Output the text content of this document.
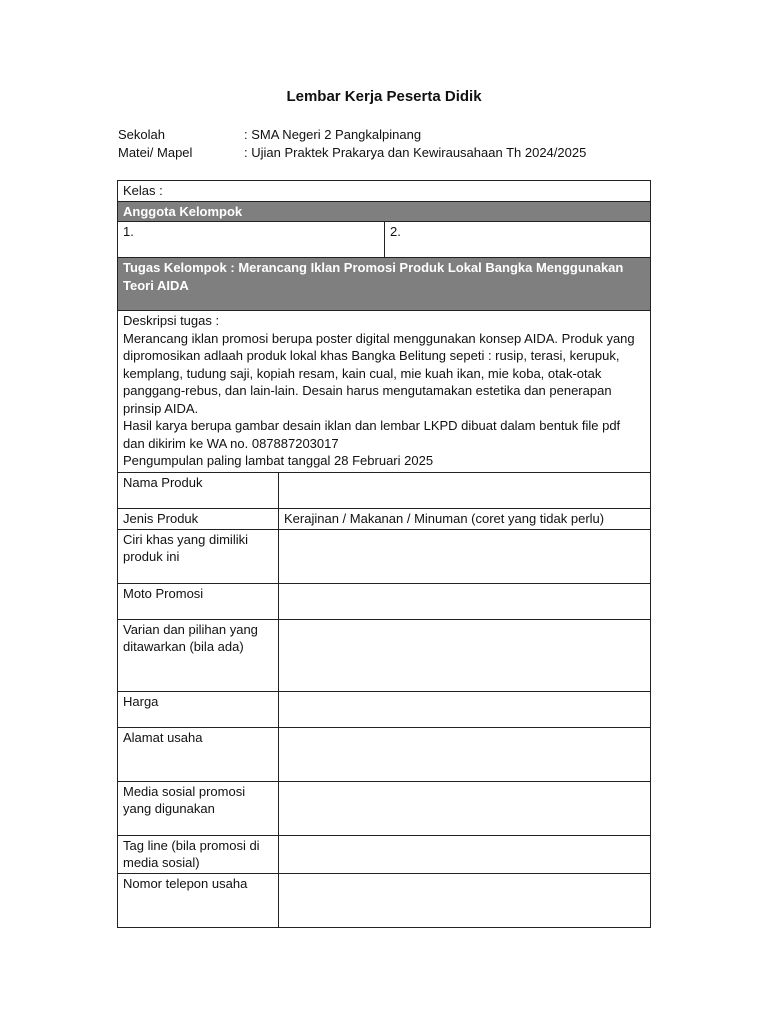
Lembar Kerja Peserta Didik
Sekolah	: SMA Negeri 2 Pangkalpinang
Matei/ Mapel	: Ujian Praktek Prakarya dan Kewirausahaan Th 2024/2025
Kelas :		
Anggota Kelompok		
1.		2.
Tugas Kelompok : Merancang Iklan Promosi Produk Lokal Bangka Menggunakan Teori AIDA		

Deskripsi tugas :
Merancang iklan promosi berupa poster digital menggunakan konsep AIDA. Produk yang dipromosikan adlaah produk lokal khas Bangka Belitung sepeti : rusip, terasi, kerupuk, kemplang, tudung saji, kopiah resam, kain cual, mie kuah ikan, mie koba, otak-otak panggang-rebus, dan lain-lain. Desain harus mengutamakan estetika dan penerapan prinsip AIDA.
Hasil karya berupa gambar desain iklan dan lembar LKPD dibuat dalam bentuk file pdf dan dikirim ke WA no. 087887203017
Pengumpulan paling lambat tanggal 28 Februari 2025		

Nama Produk		
Jenis Produk	Kerajinan / Makanan / Minuman (coret yang tidak perlu)	
Ciri khas yang dimiliki produk ini		
Moto Promosi		
Varian dan pilihan yang ditawarkan (bila ada)		
Harga		
Alamat usaha		
Media sosial promosi yang digunakan		
Tag line (bila promosi di media sosial)		
Nomor telepon usaha		
